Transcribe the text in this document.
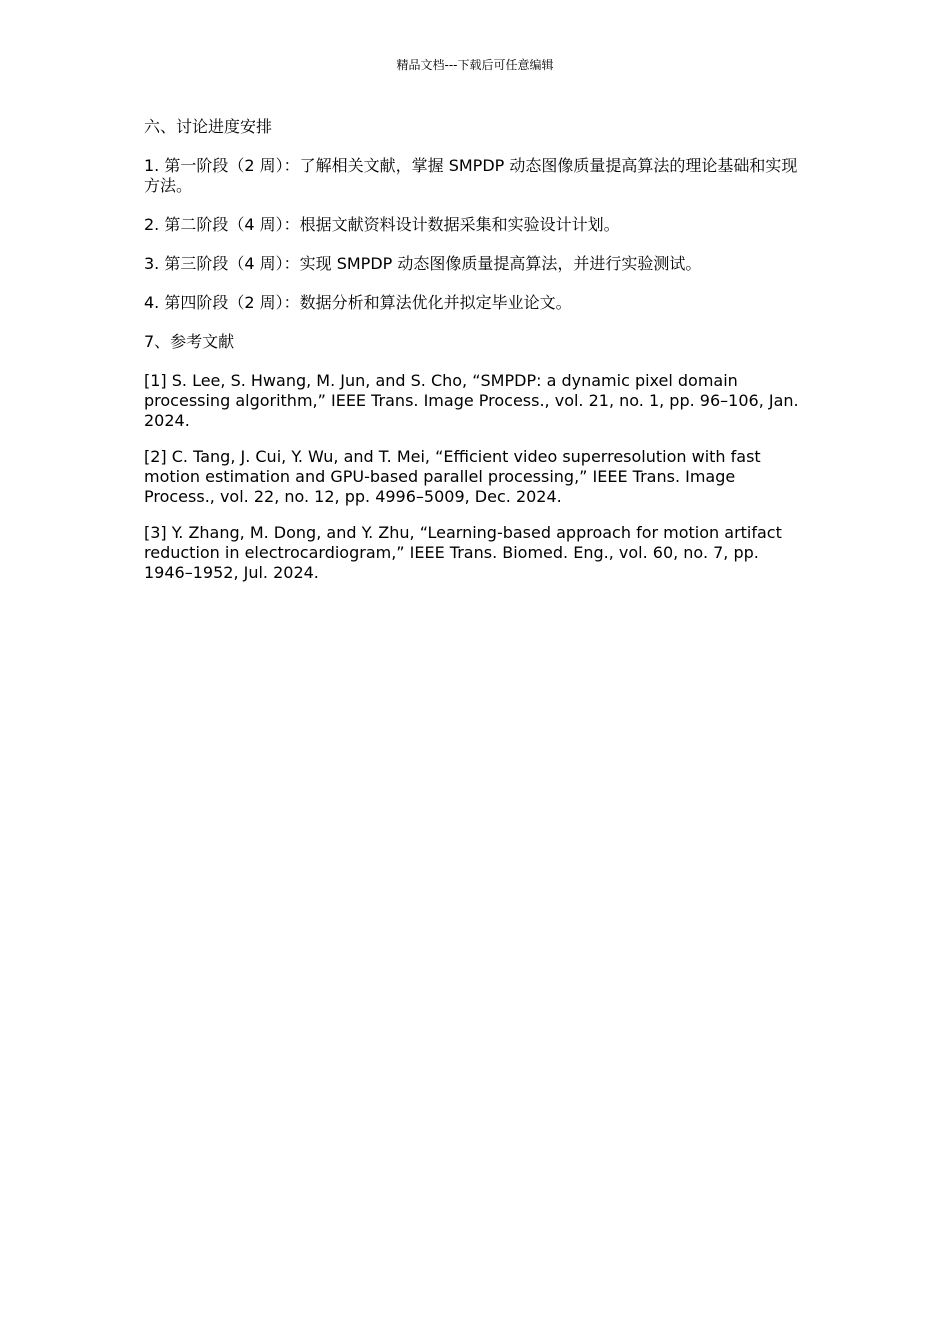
精品文档---下载后可任意编辑

六、讨论进度安排

1. 第一阶段（2 周）：了解相关文献，掌握 SMPDP 动态图像质量提高算法的理论基础和实现方法。

2. 第二阶段（4 周）：根据文献资料设计数据采集和实验设计计划。

3. 第三阶段（4 周）：实现 SMPDP 动态图像质量提高算法，并进行实验测试。

4. 第四阶段（2 周）：数据分析和算法优化并拟定毕业论文。

7、参考文献

[1] S. Lee, S. Hwang, M. Jun, and S. Cho, “SMPDP: a dynamic pixel domain processing algorithm,” IEEE Trans. Image Process., vol. 21, no. 1, pp. 96–106, Jan. 2024.

[2] C. Tang, J. Cui, Y. Wu, and T. Mei, “Efficient video superresolution with fast motion estimation and GPU-based parallel processing,” IEEE Trans. Image Process., vol. 22, no. 12, pp. 4996–5009, Dec. 2024.

[3] Y. Zhang, M. Dong, and Y. Zhu, “Learning-based approach for motion artifact reduction in electrocardiogram,” IEEE Trans. Biomed. Eng., vol. 60, no. 7, pp. 1946–1952, Jul. 2024.
